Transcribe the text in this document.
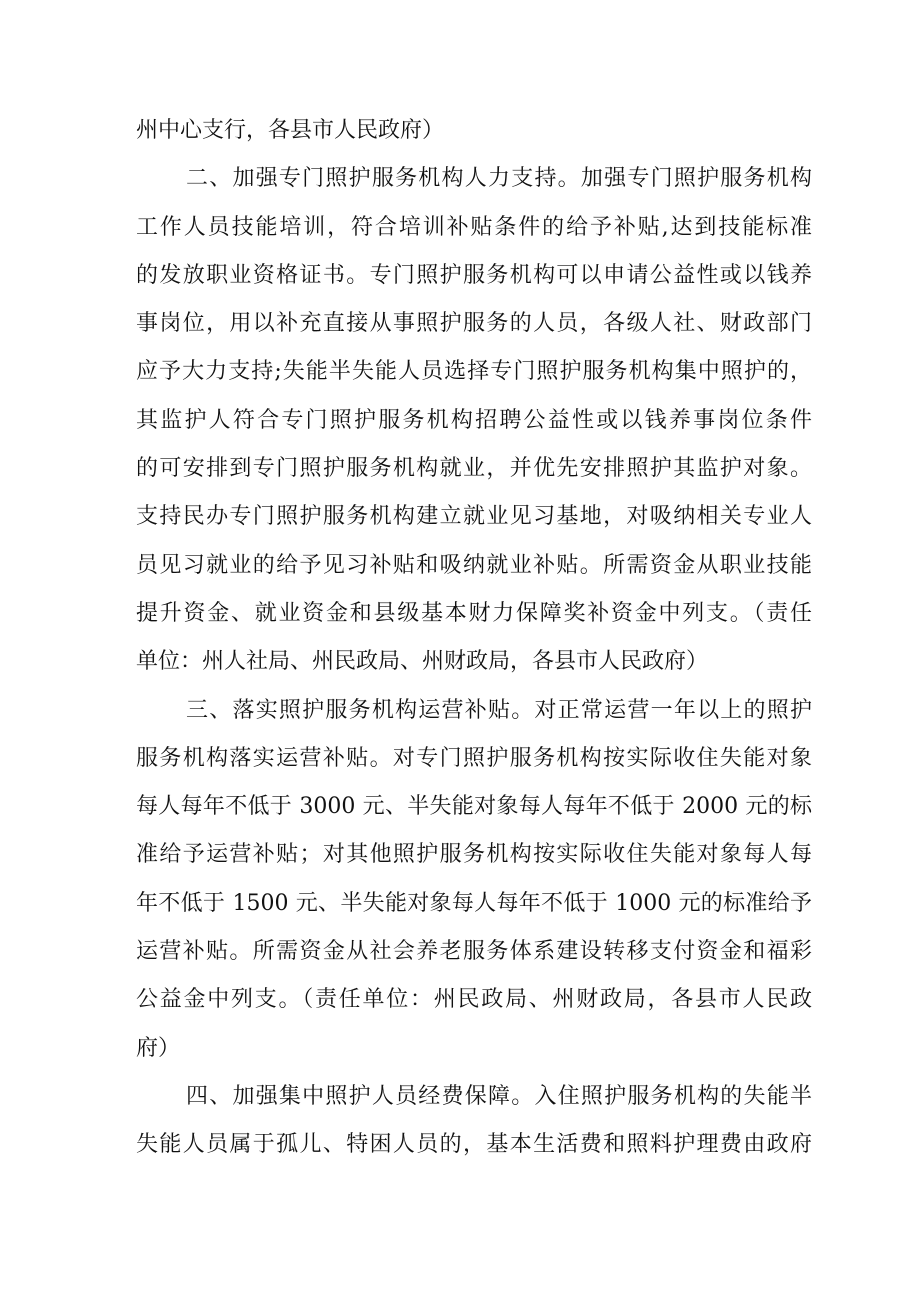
州中心支行，各县市人民政府）
二、加强专门照护服务机构人力支持。加强专门照护服务机构
工作人员技能培训，符合培训补贴条件的给予补贴,达到技能标准
的发放职业资格证书。专门照护服务机构可以申请公益性或以钱养
事岗位，用以补充直接从事照护服务的人员，各级人社、财政部门
应予大力支持;失能半失能人员选择专门照护服务机构集中照护的，
其监护人符合专门照护服务机构招聘公益性或以钱养事岗位条件
的可安排到专门照护服务机构就业，并优先安排照护其监护对象。
支持民办专门照护服务机构建立就业见习基地，对吸纳相关专业人
员见习就业的给予见习补贴和吸纳就业补贴。所需资金从职业技能
提升资金、就业资金和县级基本财力保障奖补资金中列支。（责任
单位：州人社局、州民政局、州财政局，各县市人民政府）
三、落实照护服务机构运营补贴。对正常运营一年以上的照护
服务机构落实运营补贴。对专门照护服务机构按实际收住失能对象
每人每年不低于 3000 元、半失能对象每人每年不低于 2000 元的标
准给予运营补贴；对其他照护服务机构按实际收住失能对象每人每
年不低于 1500 元、半失能对象每人每年不低于 1000 元的标准给予
运营补贴。所需资金从社会养老服务体系建设转移支付资金和福彩
公益金中列支。（责任单位：州民政局、州财政局，各县市人民政
府）
四、加强集中照护人员经费保障。入住照护服务机构的失能半
失能人员属于孤儿、特困人员的，基本生活费和照料护理费由政府
